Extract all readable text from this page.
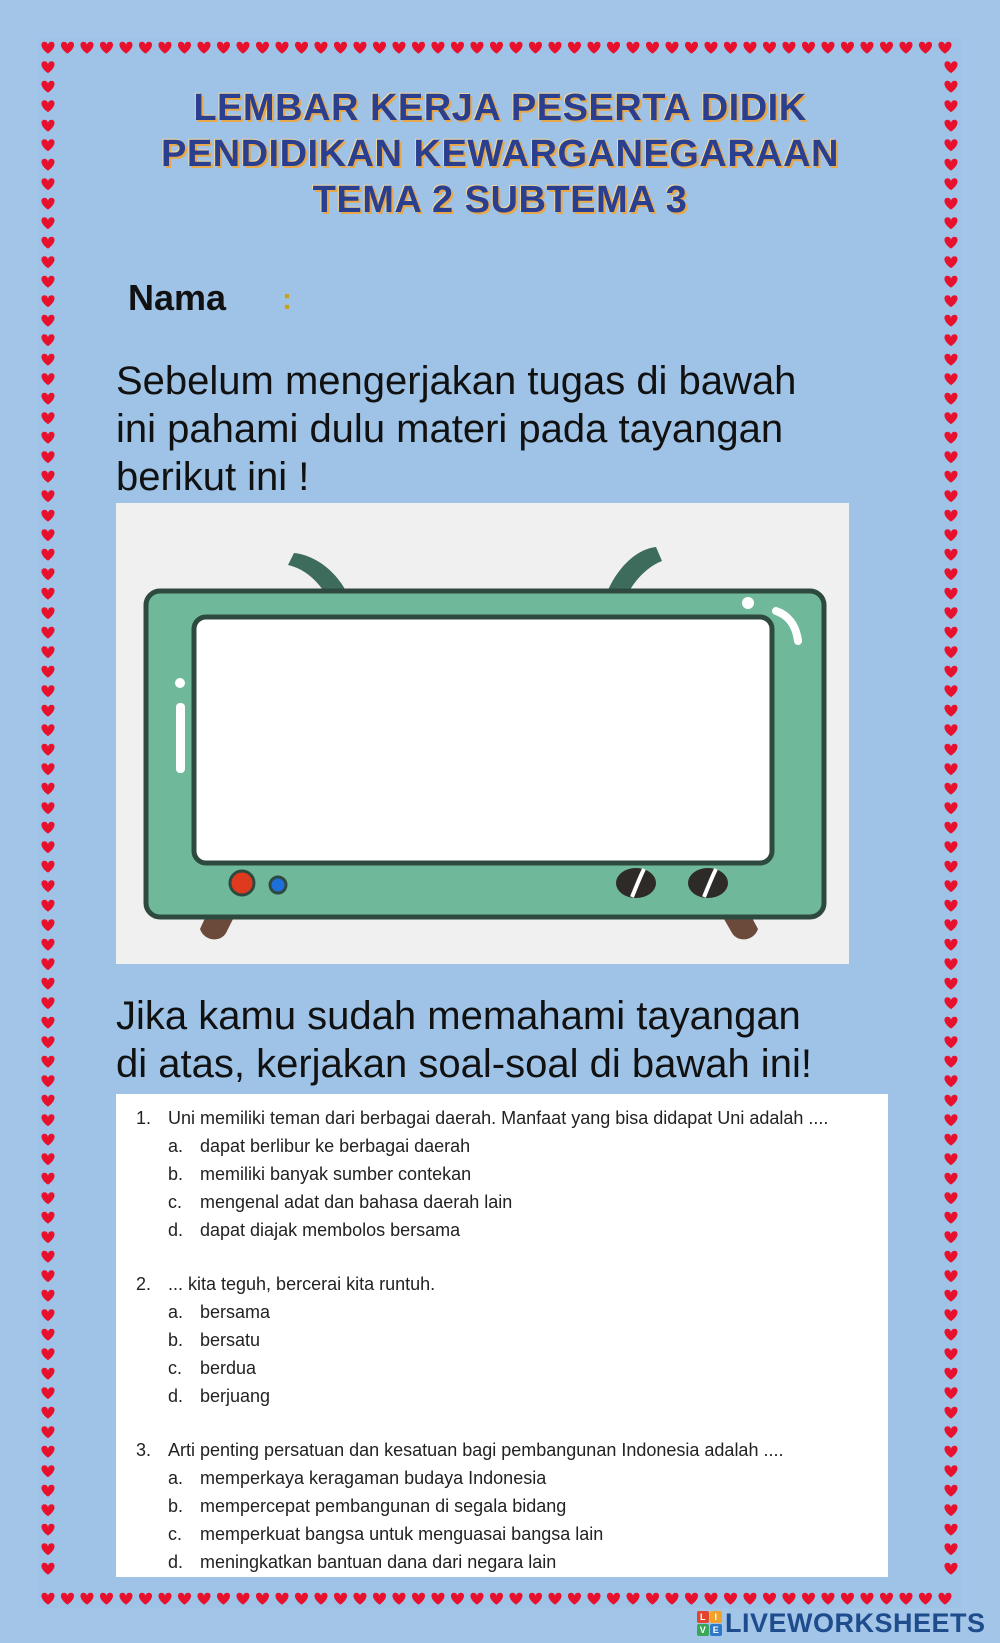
LEMBAR KERJA PESERTA DIDIK
PENDIDIKAN KEWARGANEGARAAN
TEMA 2 SUBTEMA 3
Nama :
Sebelum mengerjakan tugas di bawah
ini pahami dulu materi pada tayangan
berikut ini !
Jika kamu sudah memahami tayangan
di atas, kerjakan soal-soal di bawah ini!
1. Uni memiliki teman dari berbagai daerah. Manfaat yang bisa didapat Uni adalah ....
a. dapat berlibur ke berbagai daerah
b. memiliki banyak sumber contekan
c. mengenal adat dan bahasa daerah lain
d. dapat diajak membolos bersama
2. ... kita teguh, bercerai kita runtuh.
a. bersama
b. bersatu
c. berdua
d. berjuang
3. Arti penting persatuan dan kesatuan bagi pembangunan Indonesia adalah ....
a. memperkaya keragaman budaya Indonesia
b. mempercepat pembangunan di segala bidang
c. memperkuat bangsa untuk menguasai bangsa lain
d. meningkatkan bantuan dana dari negara lain
L I
V E LIVEWORKSHEETS
